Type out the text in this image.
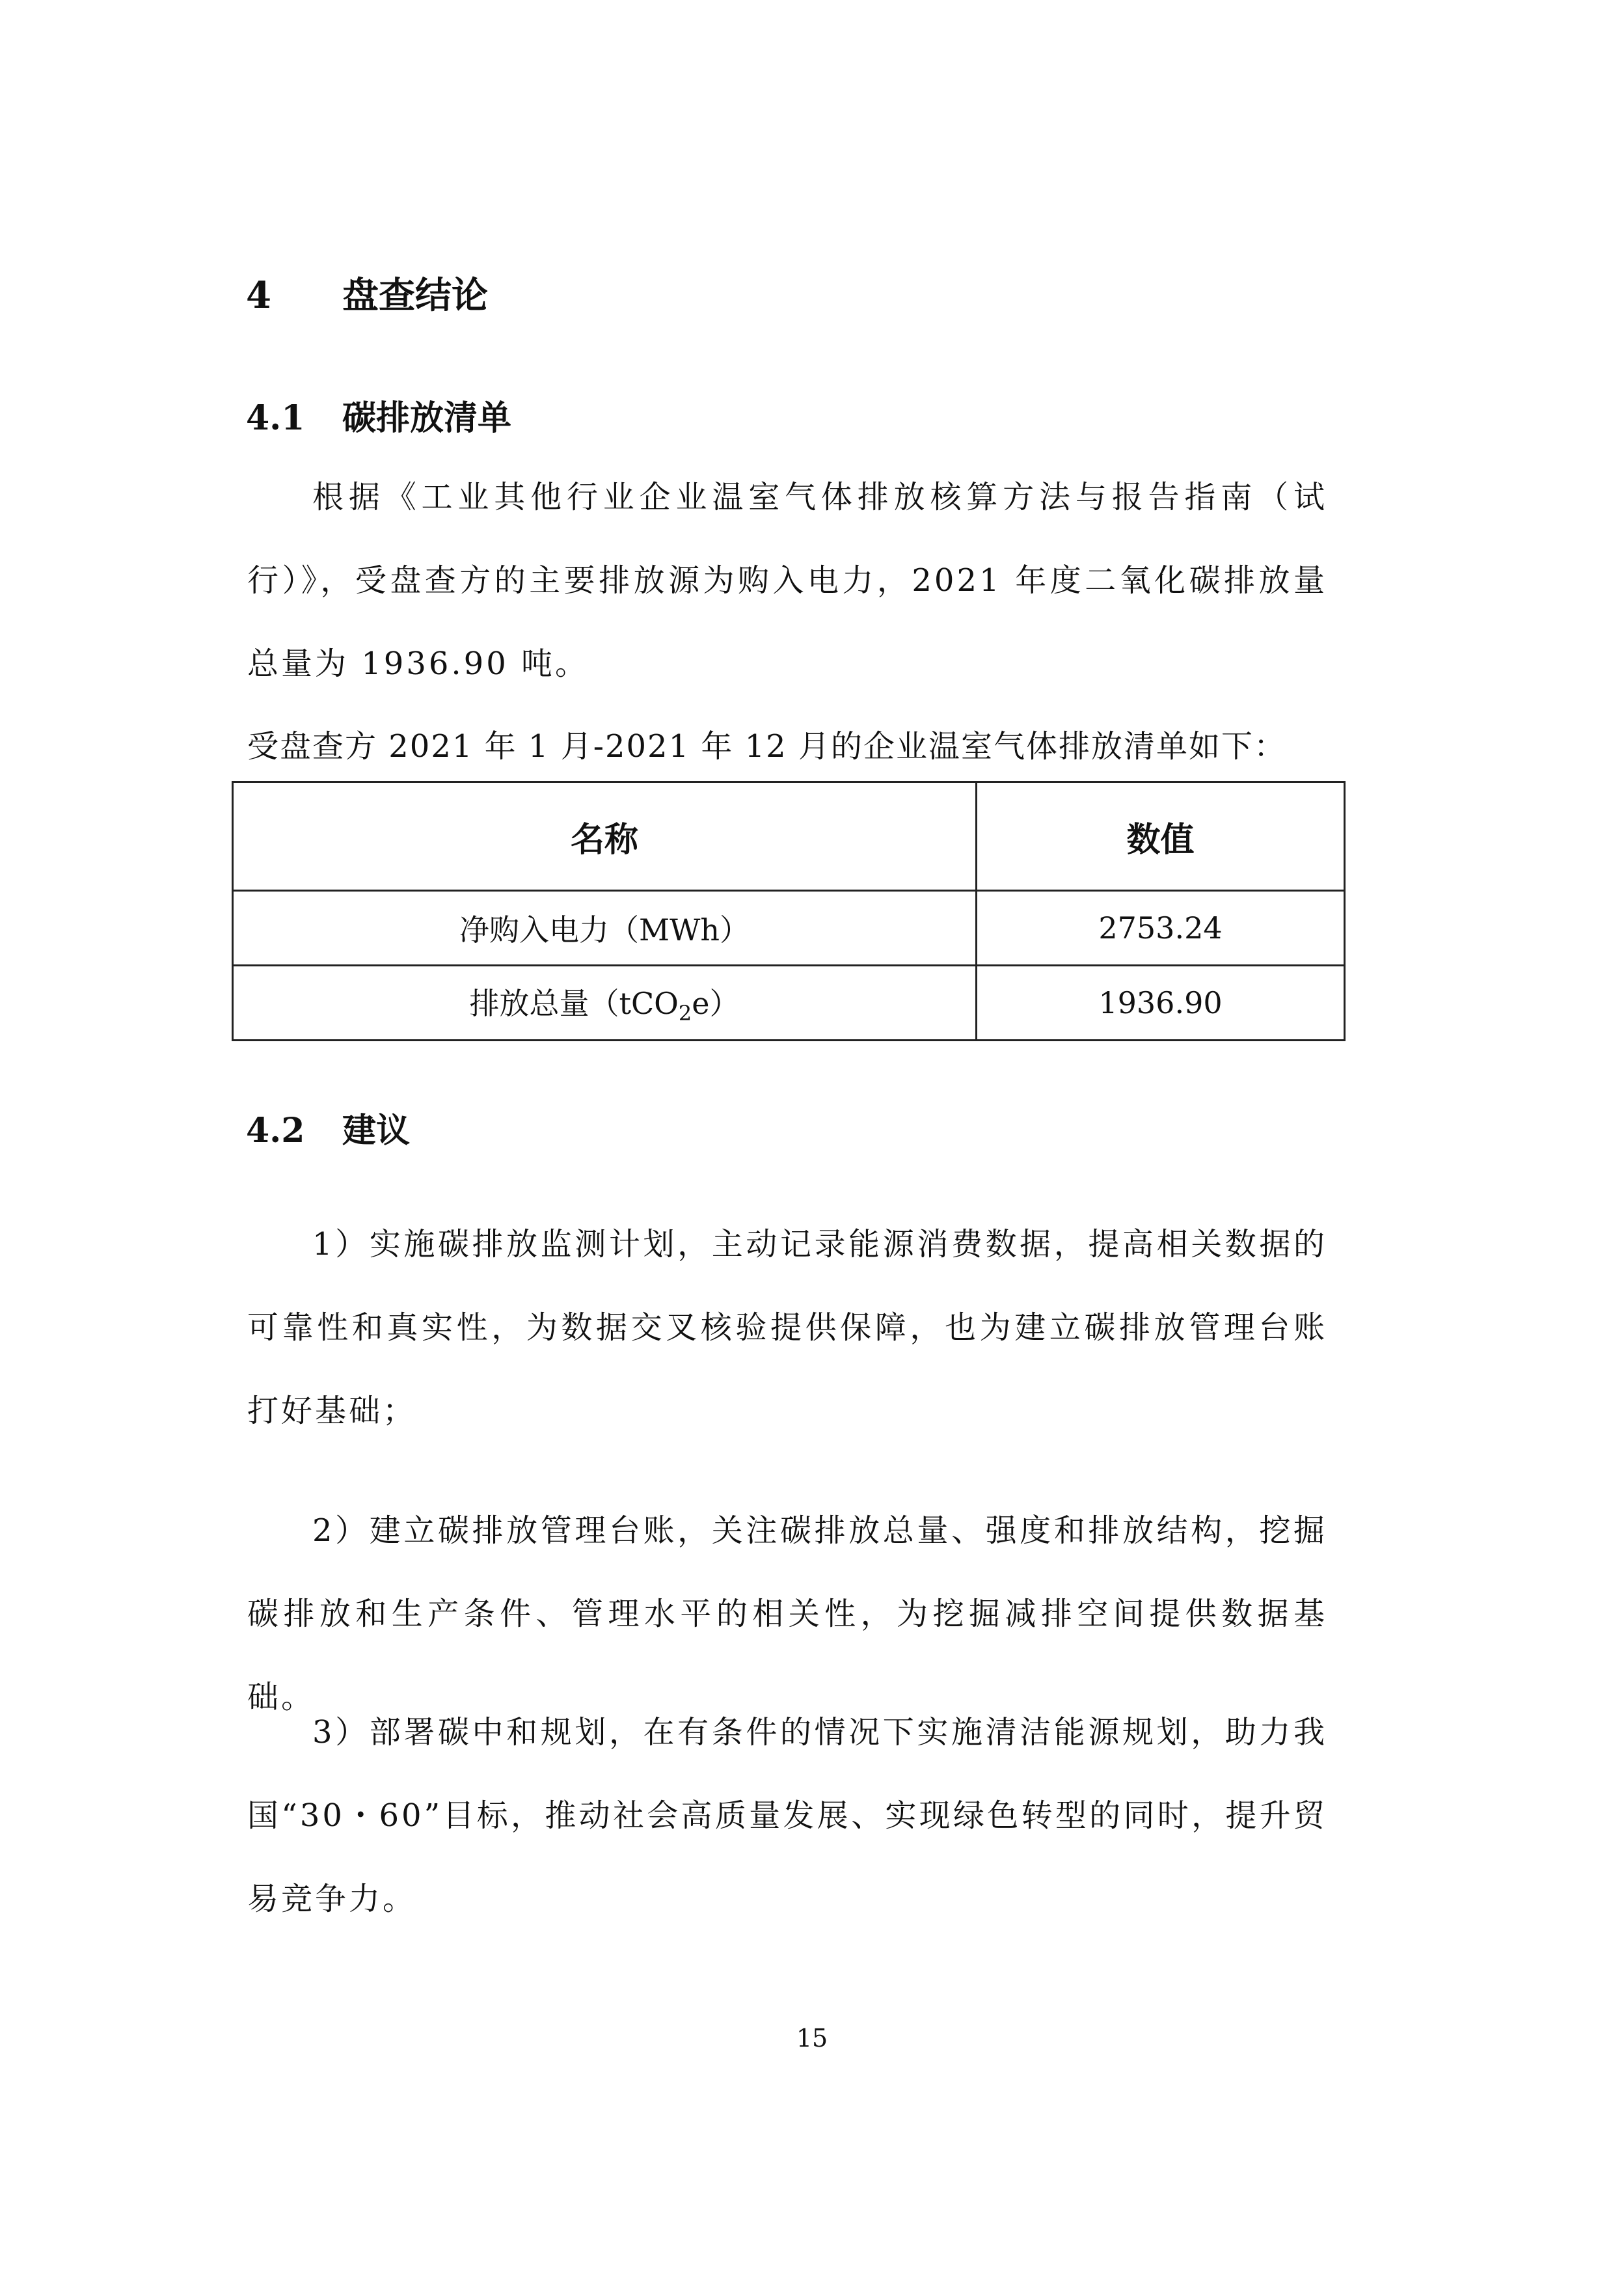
4 盘查结论
4.1 碳排放清单
根据《工业其他行业企业温室气体排放核算方法与报告指南（试行）》，受盘查方的主要排放源为购入电力，2021 年度二氧化碳排放量总量为 1936.90 吨。
受盘查方 2021 年 1 月-2021 年 12 月的企业温室气体排放清单如下：
名称	数值
净购入电力（MWh）	2753.24
排放总量（tCO$_2$e）	1936.90
4.2 建议
1）实施碳排放监测计划，主动记录能源消费数据，提高相关数据的可靠性和真实性，为数据交叉核验提供保障，也为建立碳排放管理台账打好基础；
2）建立碳排放管理台账，关注碳排放总量、强度和排放结构，挖掘碳排放和生产条件、管理水平的相关性，为挖掘减排空间提供数据基础。
3）部署碳中和规划，在有条件的情况下实施清洁能源规划，助力我国“30・60”目标，推动社会高质量发展、实现绿色转型的同时，提升贸易竞争力。
15
